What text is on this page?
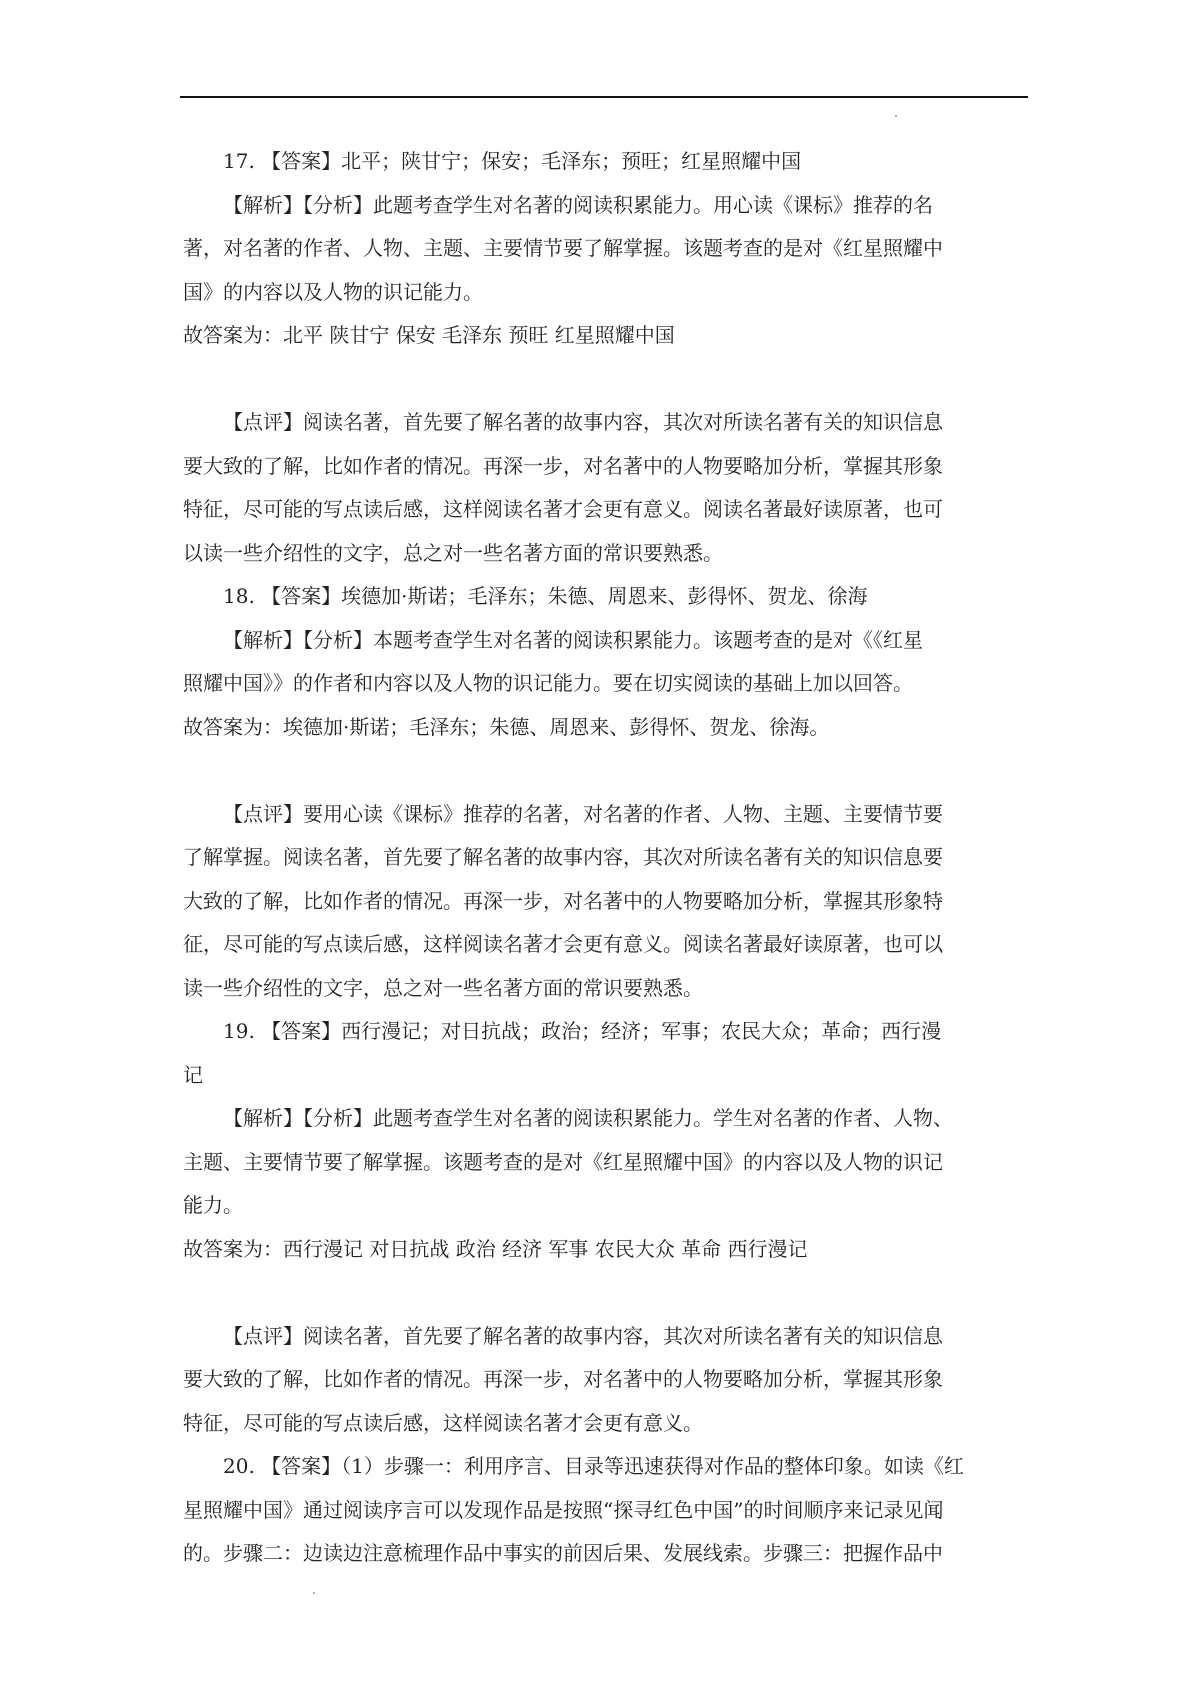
17. 【答案】北平；陕甘宁；保安；毛泽东；预旺；红星照耀中国
【解析】【分析】此题考查学生对名著的阅读积累能力。用心读《课标》推荐的名
著，对名著的作者、人物、主题、主要情节要了解掌握。该题考查的是对《红星照耀中
国》的内容以及人物的识记能力。
故答案为：北平 陕甘宁 保安 毛泽东 预旺 红星照耀中国
【点评】阅读名著，首先要了解名著的故事内容，其次对所读名著有关的知识信息
要大致的了解，比如作者的情况。再深一步，对名著中的人物要略加分析，掌握其形象
特征，尽可能的写点读后感，这样阅读名著才会更有意义。阅读名著最好读原著，也可
以读一些介绍性的文字，总之对一些名著方面的常识要熟悉。
18. 【答案】埃德加·斯诺；毛泽东；朱德、周恩来、彭得怀、贺龙、徐海
【解析】【分析】本题考查学生对名著的阅读积累能力。该题考查的是对《《红星
照耀中国》》的作者和内容以及人物的识记能力。要在切实阅读的基础上加以回答。
故答案为：埃德加·斯诺；毛泽东；朱德、周恩来、彭得怀、贺龙、徐海。
【点评】要用心读《课标》推荐的名著，对名著的作者、人物、主题、主要情节要
了解掌握。阅读名著，首先要了解名著的故事内容，其次对所读名著有关的知识信息要
大致的了解，比如作者的情况。再深一步，对名著中的人物要略加分析，掌握其形象特
征，尽可能的写点读后感，这样阅读名著才会更有意义。阅读名著最好读原著，也可以
读一些介绍性的文字，总之对一些名著方面的常识要熟悉。
19. 【答案】西行漫记；对日抗战；政治；经济；军事；农民大众；革命；西行漫
记
【解析】【分析】此题考查学生对名著的阅读积累能力。学生对名著的作者、人物、
主题、主要情节要了解掌握。该题考查的是对《红星照耀中国》的内容以及人物的识记
能力。
故答案为：西行漫记 对日抗战 政治 经济 军事 农民大众 革命 西行漫记
【点评】阅读名著，首先要了解名著的故事内容，其次对所读名著有关的知识信息
要大致的了解，比如作者的情况。再深一步，对名著中的人物要略加分析，掌握其形象
特征，尽可能的写点读后感，这样阅读名著才会更有意义。
20. 【答案】（1）步骤一：利用序言、目录等迅速获得对作品的整体印象。如读《红
星照耀中国》通过阅读序言可以发现作品是按照“探寻红色中国”的时间顺序来记录见闻
的。步骤二：边读边注意梳理作品中事实的前因后果、发展线索。步骤三：把握作品中
